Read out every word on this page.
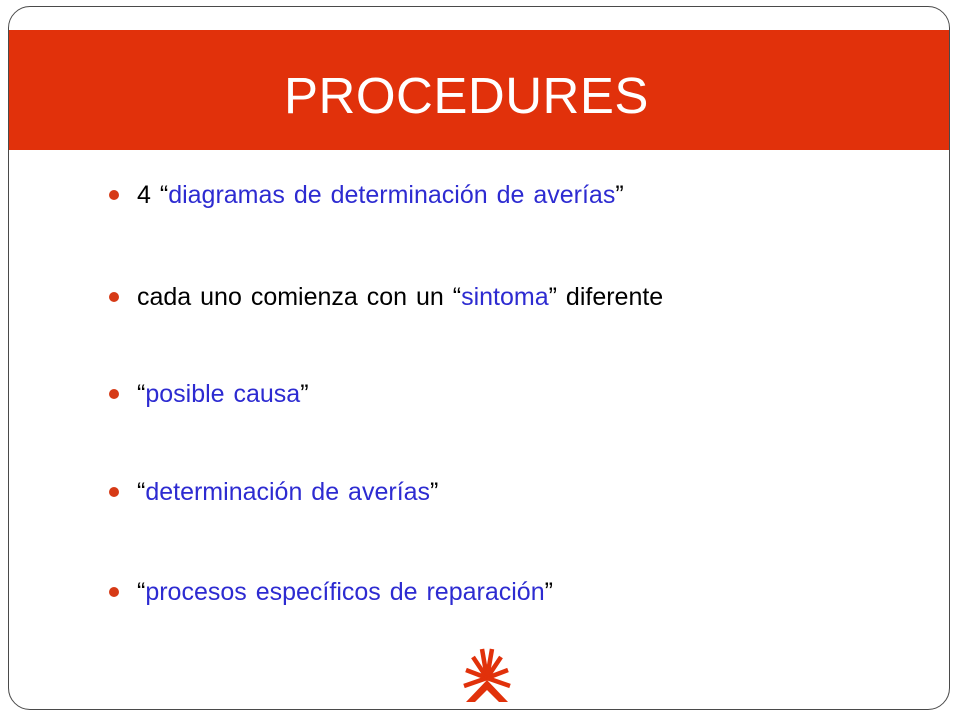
PROCEDURES
4 “diagramas de determinación de averías”
cada uno comienza con un “sintoma” diferente
“posible causa”
“determinación de averías”
“procesos específicos de reparación”
